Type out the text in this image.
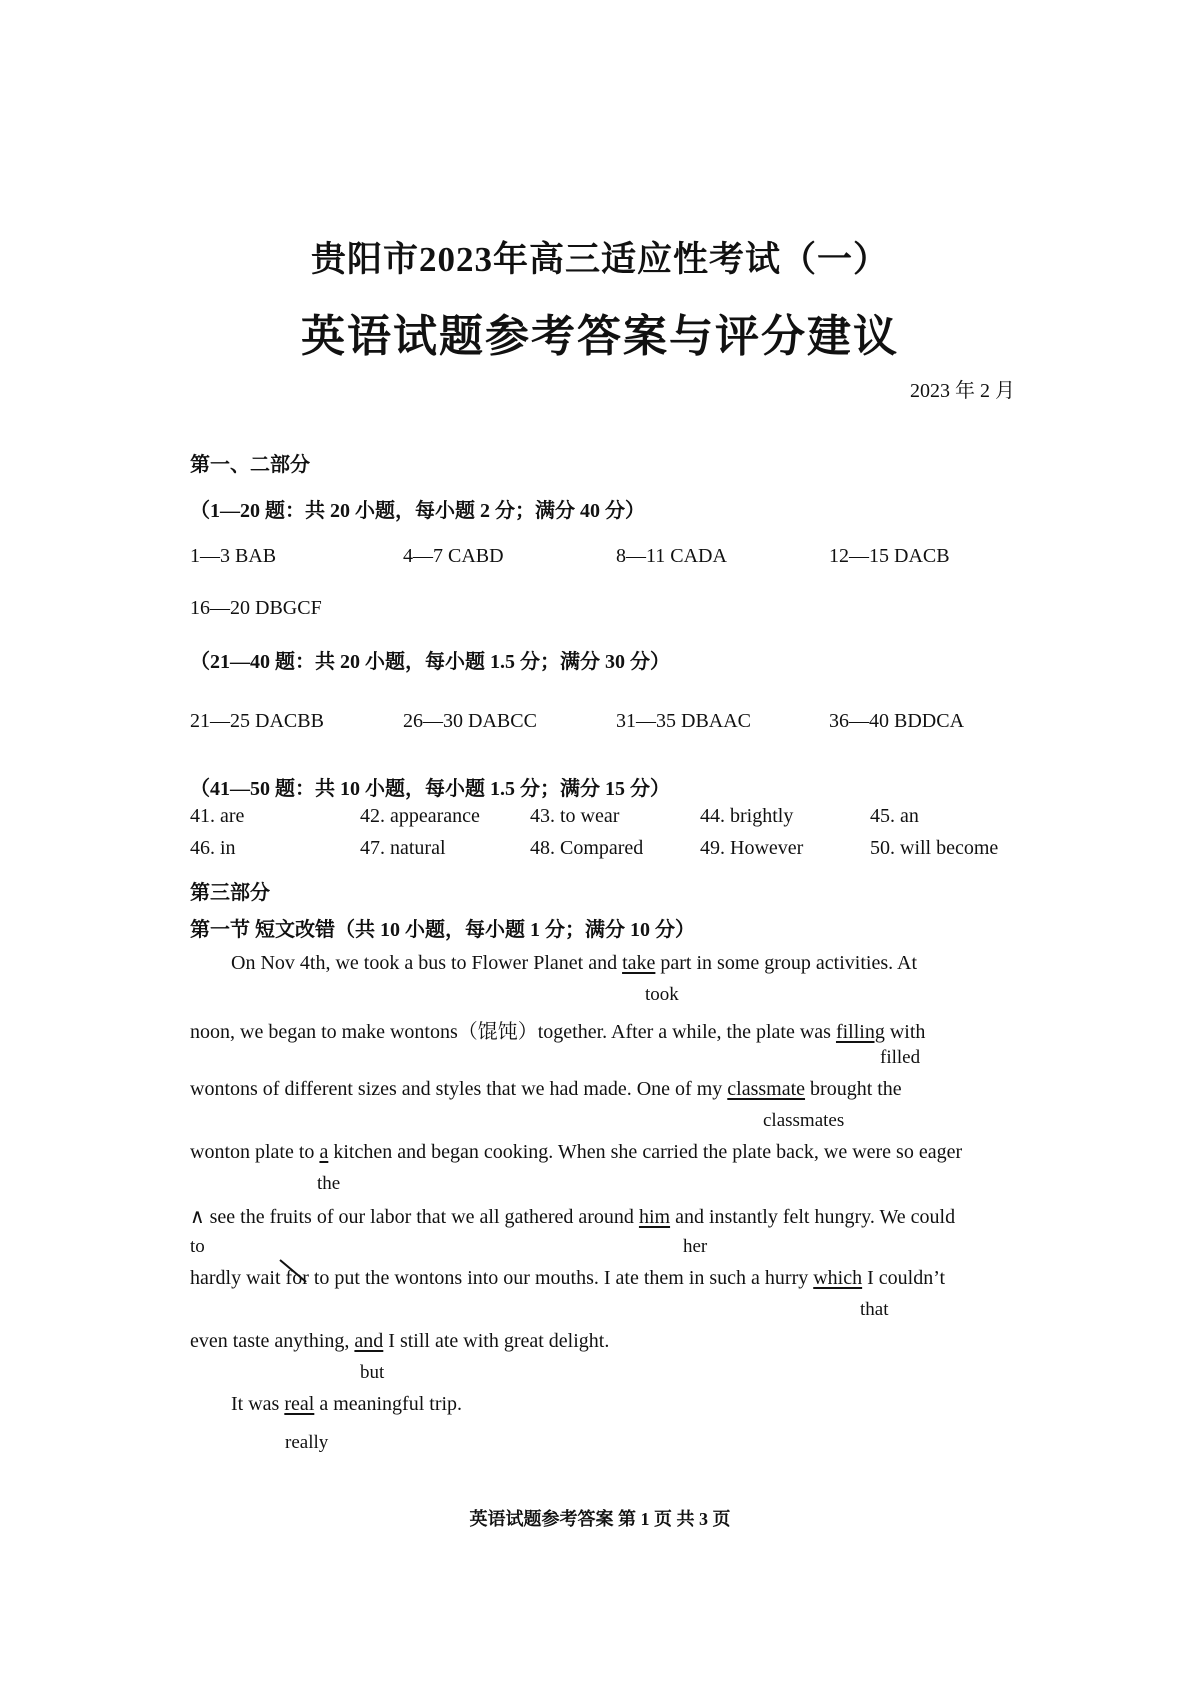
贵阳市2023年高三适应性考试（一）
英语试题参考答案与评分建议
2023 年 2 月
第一、二部分
（1—20 题：共 20 小题，每小题 2 分；满分 40 分）
1—3 BAB	4—7 CABD	8—11 CADA	12—15 DACB
16—20 DBGCF
（21—40 题：共 20 小题，每小题 1.5 分；满分 30 分）
21—25 DACBB	26—30 DABCC	31—35 DBAAC	36—40 BDDCA
（41—50 题：共 10 小题，每小题 1.5 分；满分 15 分）
41. are	42. appearance	43. to wear	44. brightly	45. an
46. in	47. natural	48. Compared	49. However	50. will become
第三部分
第一节 短文改错（共 10 小题，每小题 1 分；满分 10 分）
On Nov 4th, we took a bus to Flower Planet and take part in some group activities. At
took
noon, we began to make wontons（馄饨）together. After a while, the plate was filling with
filled
wontons of different sizes and styles that we had made. One of my classmate brought the
classmates
wonton plate to a kitchen and began cooking. When she carried the plate back, we were so eager
the
∧ see the fruits of our labor that we all gathered around him and instantly felt hungry. We could
to	her
hardly wait for to put the wontons into our mouths. I ate them in such a hurry which I couldn’t
that
even taste anything, and I still ate with great delight.
but
It was real a meaningful trip.
really
英语试题参考答案 第 1 页 共 3 页
